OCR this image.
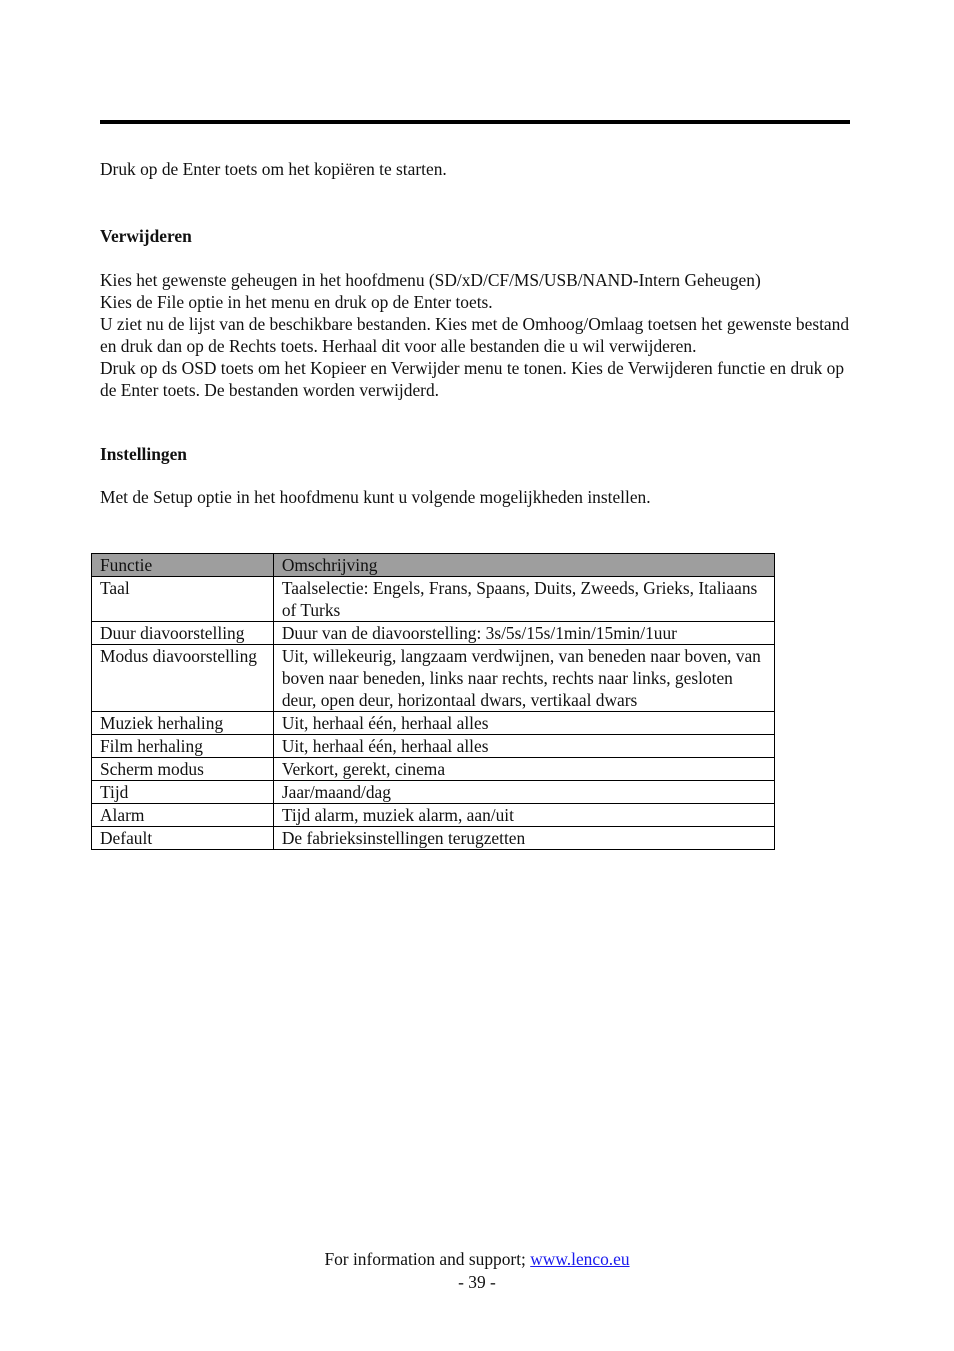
Druk op de Enter toets om het kopiëren te starten.

Verwijderen

Kies het gewenste geheugen in het hoofdmenu (SD/xD/CF/MS/USB/NAND-Intern Geheugen)
Kies de File optie in het menu en druk op de Enter toets.
U ziet nu de lijst van de beschikbare bestanden. Kies met de Omhoog/Omlaag toetsen het gewenste bestand en druk dan op de Rechts toets. Herhaal dit voor alle bestanden die u wil verwijderen.
Druk op ds OSD toets om het Kopieer en Verwijder menu te tonen. Kies de Verwijderen functie en druk op de Enter toets. De bestanden worden verwijderd.

Instellingen

Met de Setup optie in het hoofdmenu kunt u volgende mogelijkheden instellen.

Functie	Omschrijving
Taal	Taalselectie: Engels, Frans, Spaans, Duits, Zweeds, Grieks, Italiaans of Turks
Duur diavoorstelling	Duur van de diavoorstelling: 3s/5s/15s/1min/15min/1uur
Modus diavoorstelling	Uit, willekeurig, langzaam verdwijnen, van beneden naar boven, van boven naar beneden, links naar rechts, rechts naar links, gesloten deur, open deur, horizontaal dwars, vertikaal dwars
Muziek herhaling	Uit, herhaal één, herhaal alles
Film herhaling	Uit, herhaal één, herhaal alles
Scherm modus	Verkort, gerekt, cinema
Tijd	Jaar/maand/dag
Alarm	Tijd alarm, muziek alarm, aan/uit
Default	De fabrieksinstellingen terugzetten
For information and support; www.lenco.eu
- 39 -
